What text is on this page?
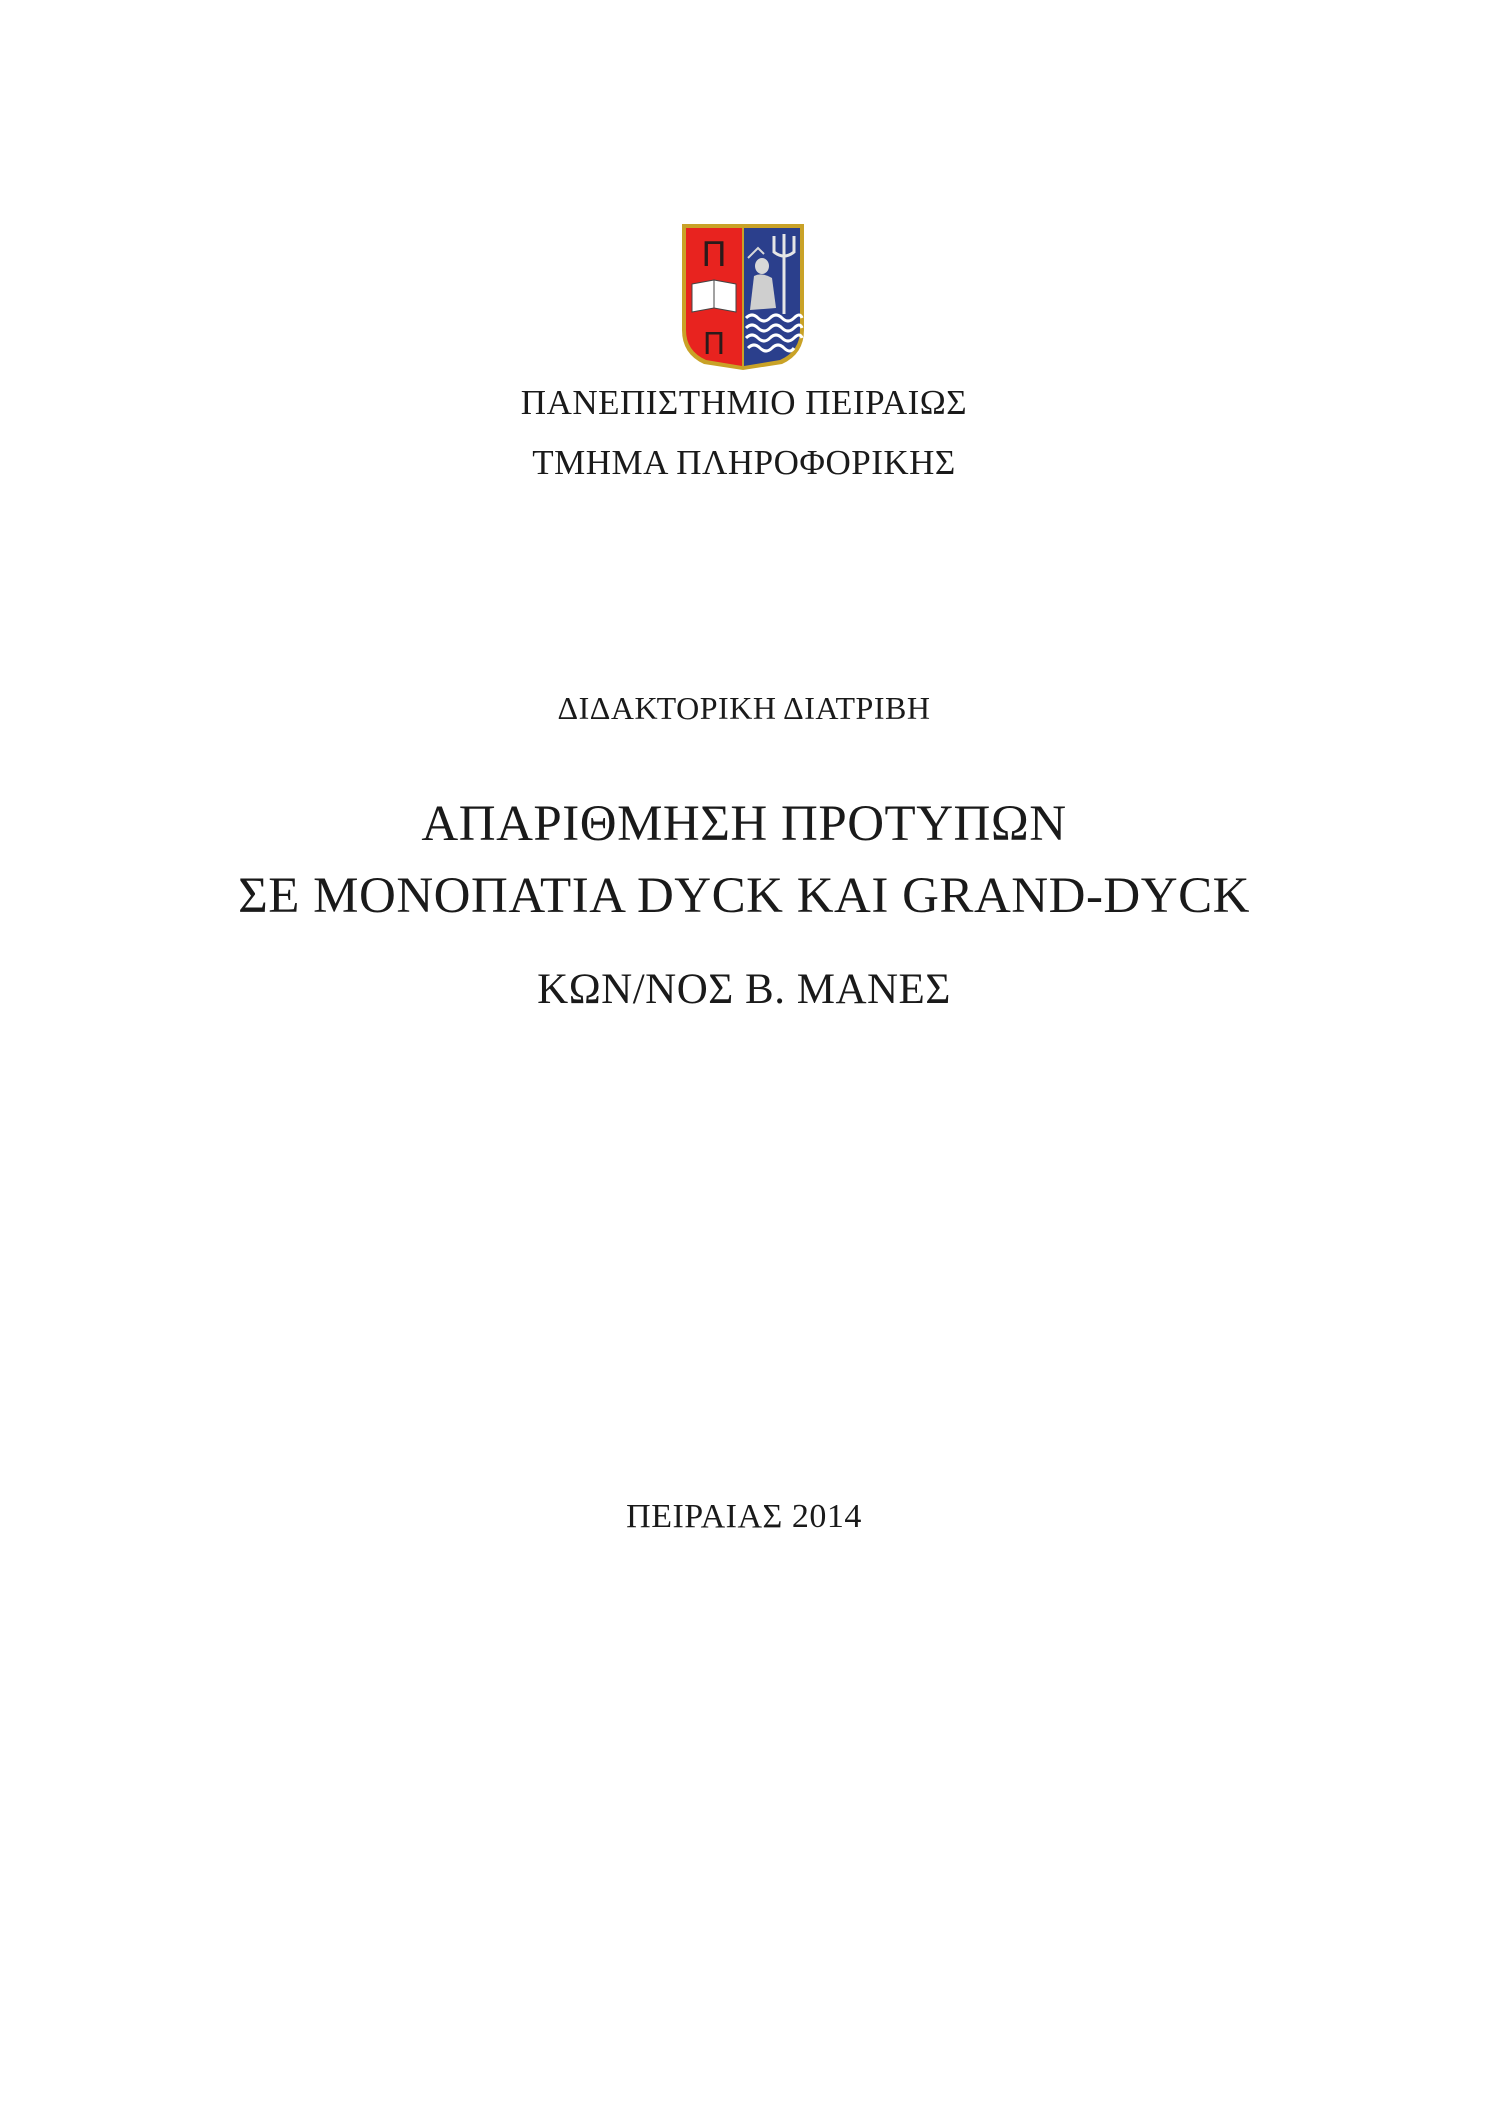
Π
Π
ΠΑΝΕΠΙΣΤΗΜΙΟ ΠΕΙΡΑΙΩΣ
ΤΜΗΜΑ ΠΛΗΡΟΦΟΡΙΚΗΣ
ΔΙΔΑΚΤΟΡΙΚΗ ΔΙΑΤΡΙΒΗ
ΑΠΑΡΙΘΜΗΣΗ ΠΡΟΤΥΠΩΝ
ΣΕ ΜΟΝΟΠΑΤΙΑ DYCK ΚΑΙ GRAND-DYCK
ΚΩΝ/ΝΟΣ Β. ΜΑΝΕΣ
ΠΕΙΡΑΙΑΣ 2014
